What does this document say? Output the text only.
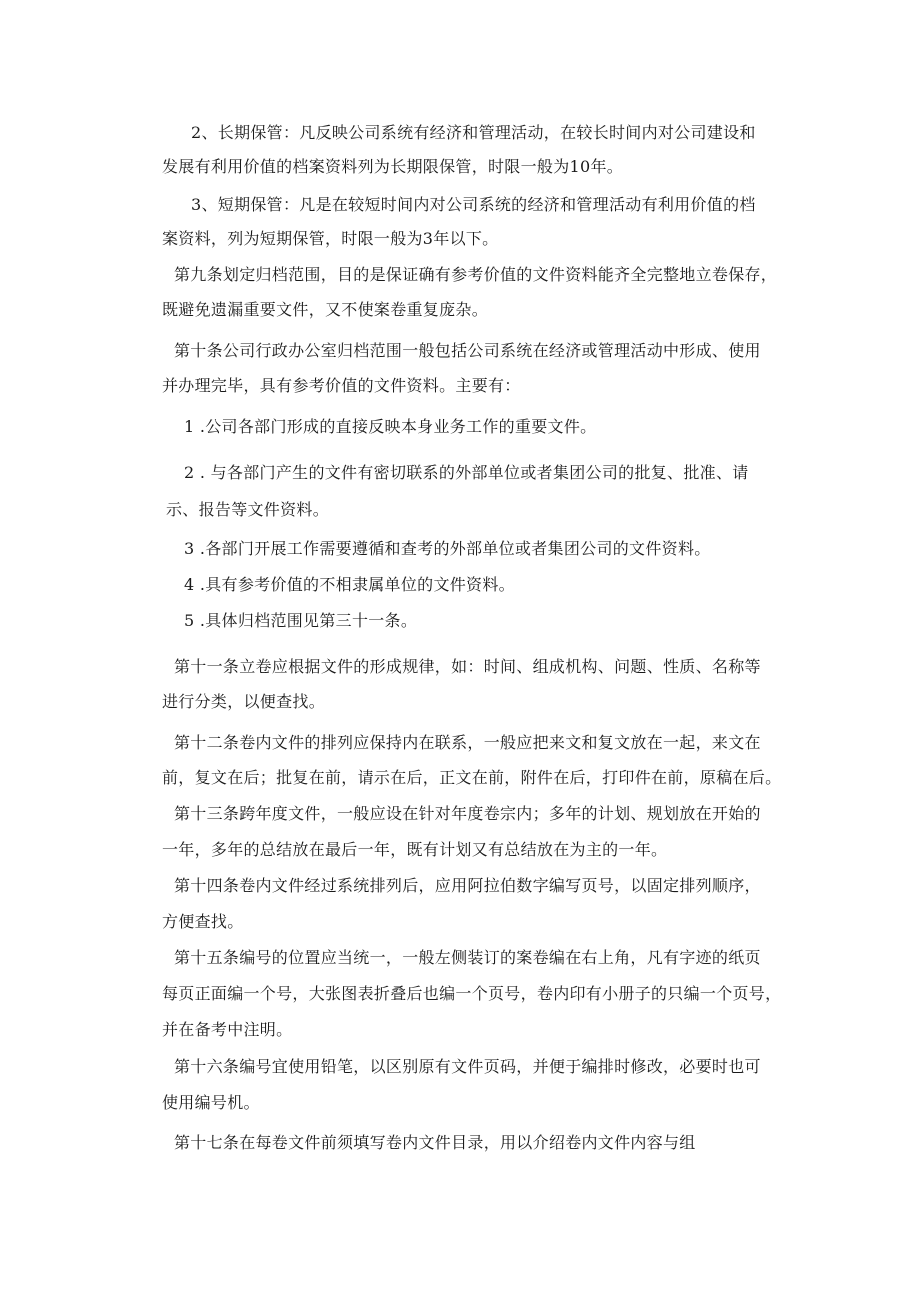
2、长期保管：凡反映公司系统有经济和管理活动，在较长时间内对公司建设和
发展有利用价值的档案资料列为长期限保管，时限一般为10年。
3、短期保管：凡是在较短时间内对公司系统的经济和管理活动有利用价值的档
案资料，列为短期保管，时限一般为3年以下。
第九条划定归档范围，目的是保证确有参考价值的文件资料能齐全完整地立卷保存，
既避免遗漏重要文件，又不使案卷重复庞杂。
第十条公司行政办公室归档范围一般包括公司系统在经济或管理活动中形成、使用
并办理完毕，具有参考价值的文件资料。主要有：
1 .公司各部门形成的直接反映本身业务工作的重要文件。
2 . 与各部门产生的文件有密切联系的外部单位或者集团公司的批复、批准、请
示、报告等文件资料。
3 .各部门开展工作需要遵循和查考的外部单位或者集团公司的文件资料。
4 .具有参考价值的不相隶属单位的文件资料。
5 .具体归档范围见第三十一条。
第十一条立卷应根据文件的形成规律，如：时间、组成机构、问题、性质、名称等
进行分类，以便查找。
第十二条卷内文件的排列应保持内在联系，一般应把来文和复文放在一起，来文在
前，复文在后；批复在前，请示在后，正文在前，附件在后，打印件在前，原稿在后。
第十三条跨年度文件，一般应设在针对年度卷宗内；多年的计划、规划放在开始的
一年，多年的总结放在最后一年，既有计划又有总结放在为主的一年。
第十四条卷内文件经过系统排列后，应用阿拉伯数字编写页号，以固定排列顺序，
方便查找。
第十五条编号的位置应当统一，一般左侧装订的案卷编在右上角，凡有字迹的纸页
每页正面编一个号，大张图表折叠后也编一个页号，卷内印有小册子的只编一个页号，
并在备考中注明。
第十六条编号宜使用铅笔，以区别原有文件页码，并便于编排时修改，必要时也可
使用编号机。
第十七条在每卷文件前须填写卷内文件目录，用以介绍卷内文件内容与组
